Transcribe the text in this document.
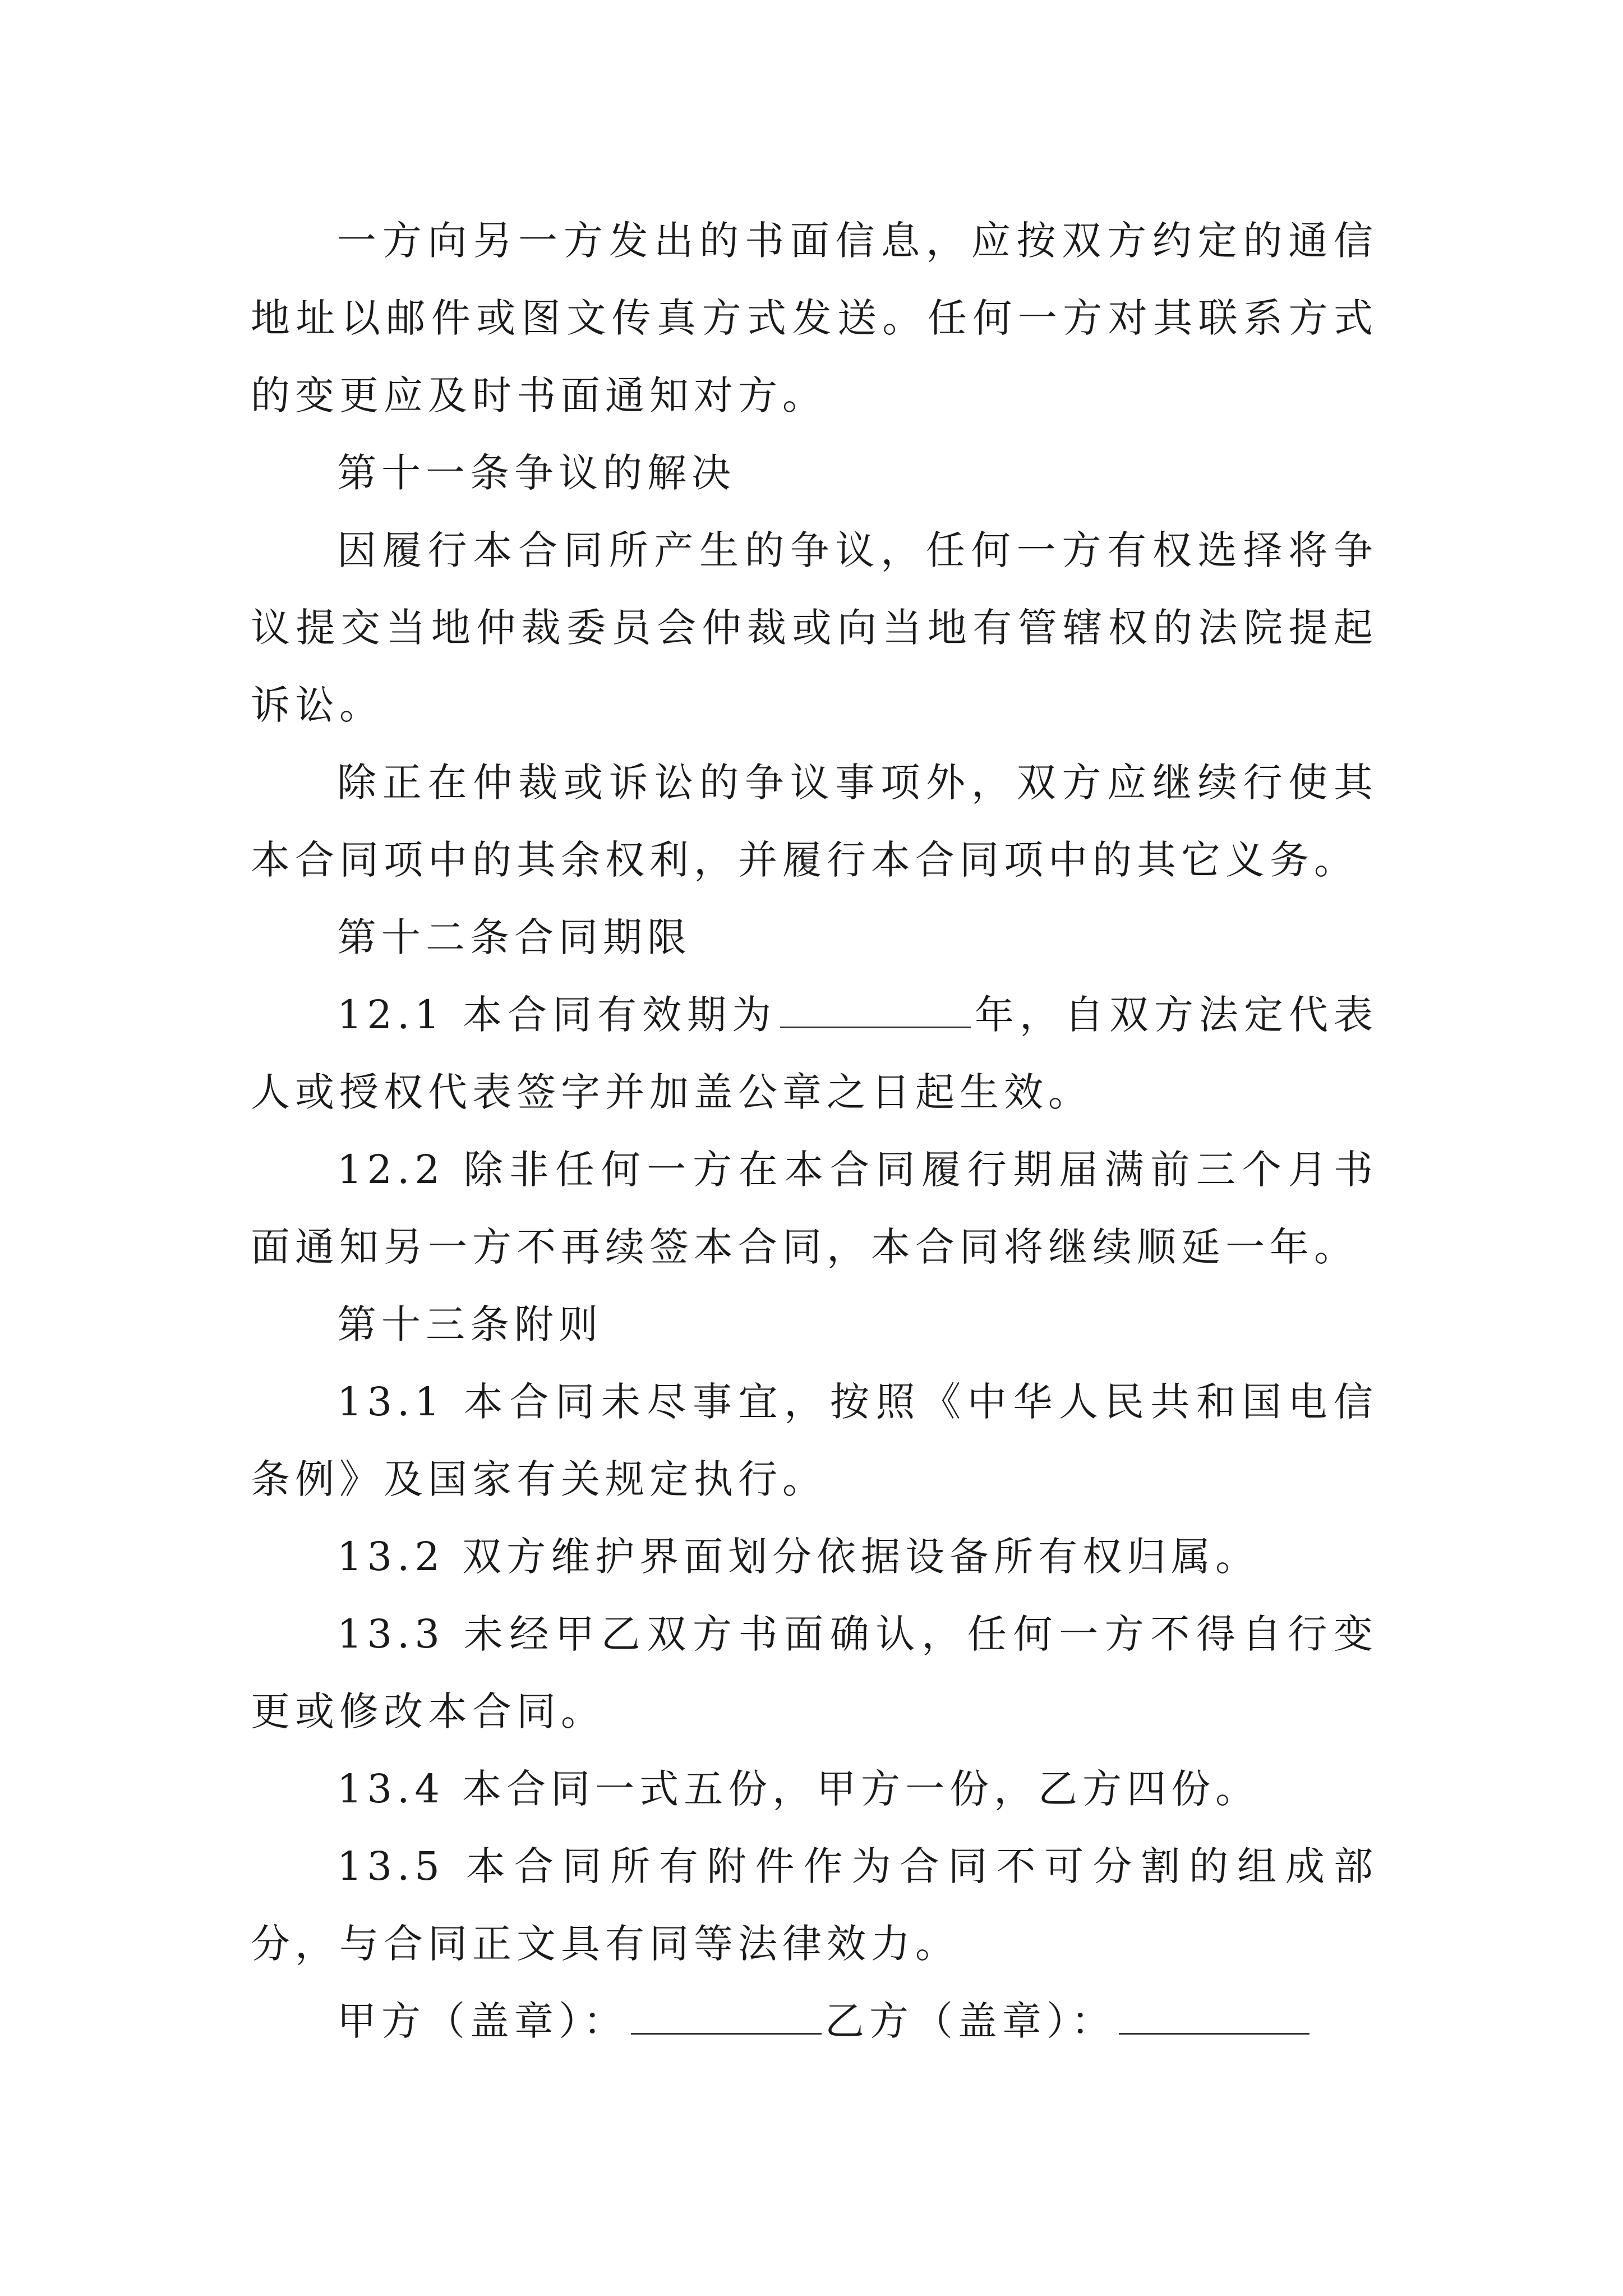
一方向另一方发出的书面信息，应按双方约定的通信地址以邮件或图文传真方式发送。任何一方对其联系方式的变更应及时书面通知对方。

第十一条争议的解决

因履行本合同所产生的争议，任何一方有权选择将争议提交当地仲裁委员会仲裁或向当地有管辖权的法院提起诉讼。

除正在仲裁或诉讼的争议事项外，双方应继续行使其本合同项中的其余权利，并履行本合同项中的其它义务。

第十二条合同期限

12.1 本合同有效期为	年，自双方法定代表人或授权代表签字并加盖公章之日起生效。

12.2 除非任何一方在本合同履行期届满前三个月书面通知另一方不再续签本合同，本合同将继续顺延一年。

第十三条附则

13.1 本合同未尽事宜，按照《中华人民共和国电信条例》及国家有关规定执行。

13.2 双方维护界面划分依据设备所有权归属。

13.3 未经甲乙双方书面确认，任何一方不得自行变更或修改本合同。

13.4 本合同一式五份，甲方一份，乙方四份。

13.5 本合同所有附件作为合同不可分割的组成部分，与合同正文具有同等法律效力。

甲方（盖章）：	乙方（盖章）：
